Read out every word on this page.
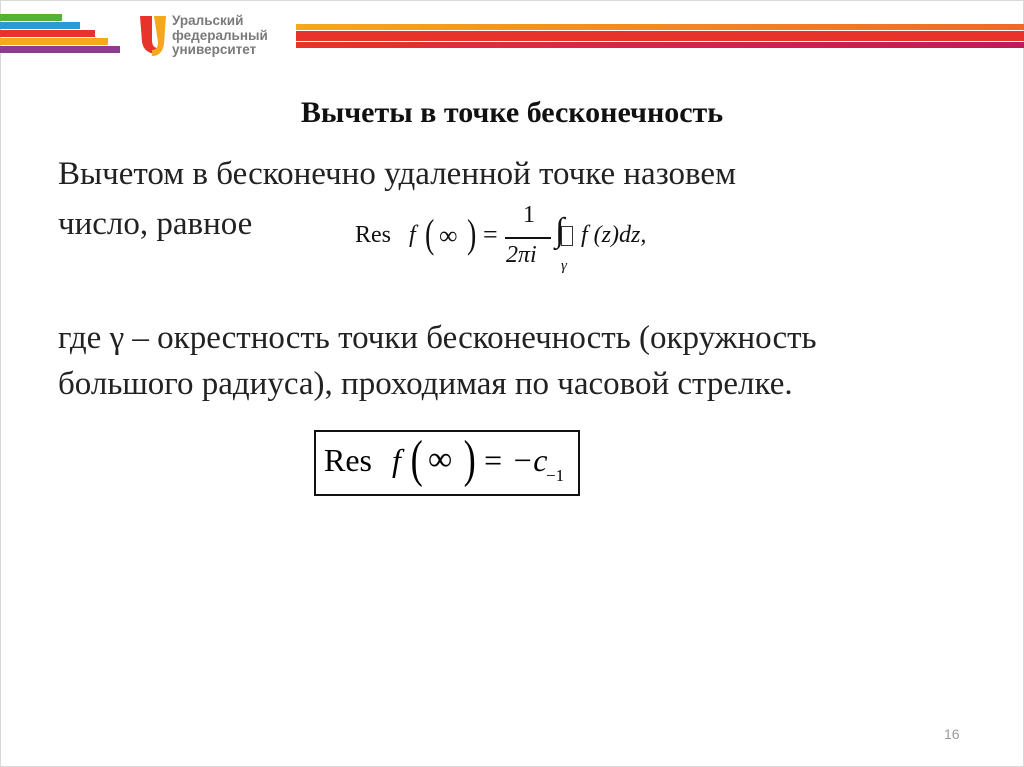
Уральский
федеральный
университет
Вычеты в точке бесконечность
Вычетом в бесконечно удаленной точке назовем
число, равное	Res f ( ∞ ) =
1
2πi
∫
γ
f (z)dz,
где γ – окрестность точки бесконечность (окружность
большого радиуса), проходимая по часовой стрелке.
Res f ( ∞ ) = −c
−1
16
